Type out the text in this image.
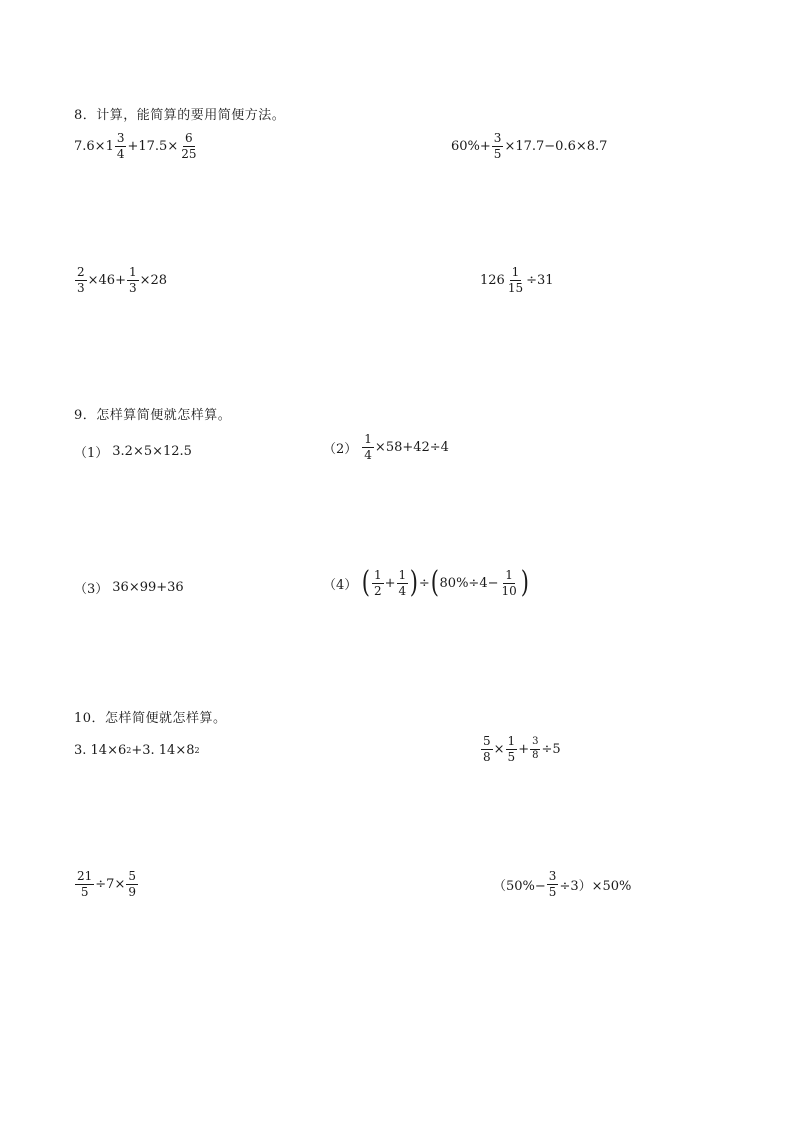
8．计算，能简算的要用简便方法。
$7.6\times 1 \frac{3}{4} +17.5\times \frac{6}{25}$	$60\%+ \frac{3}{5} \times 17.7-0.6\times 8.7$
$\frac{2}{3} \times 46+ \frac{1}{3} \times 28$	$126 \frac{1}{15} \div 31$
9．怎样算简便就怎样算。
（1） 3.2×5×12.5	$(2) \frac{1}{4} \times 58+42\div 4$
（3） 36×99+36	（4） ( $\frac{1}{2} + \frac{1}{4}$ ) ÷ ( $80\%\div 4- \frac{1}{10}$ )
10．怎样简便就怎样算。
3. 14×6 2 +3. 14×8 2	$\frac{5}{8} \times \frac{1}{5} + \frac{3}{8} \div 5$
$\frac{21}{5} \div 7\times \frac{5}{9}$	$(50\%- \frac{3}{5} \div 3)\times 50\%$
